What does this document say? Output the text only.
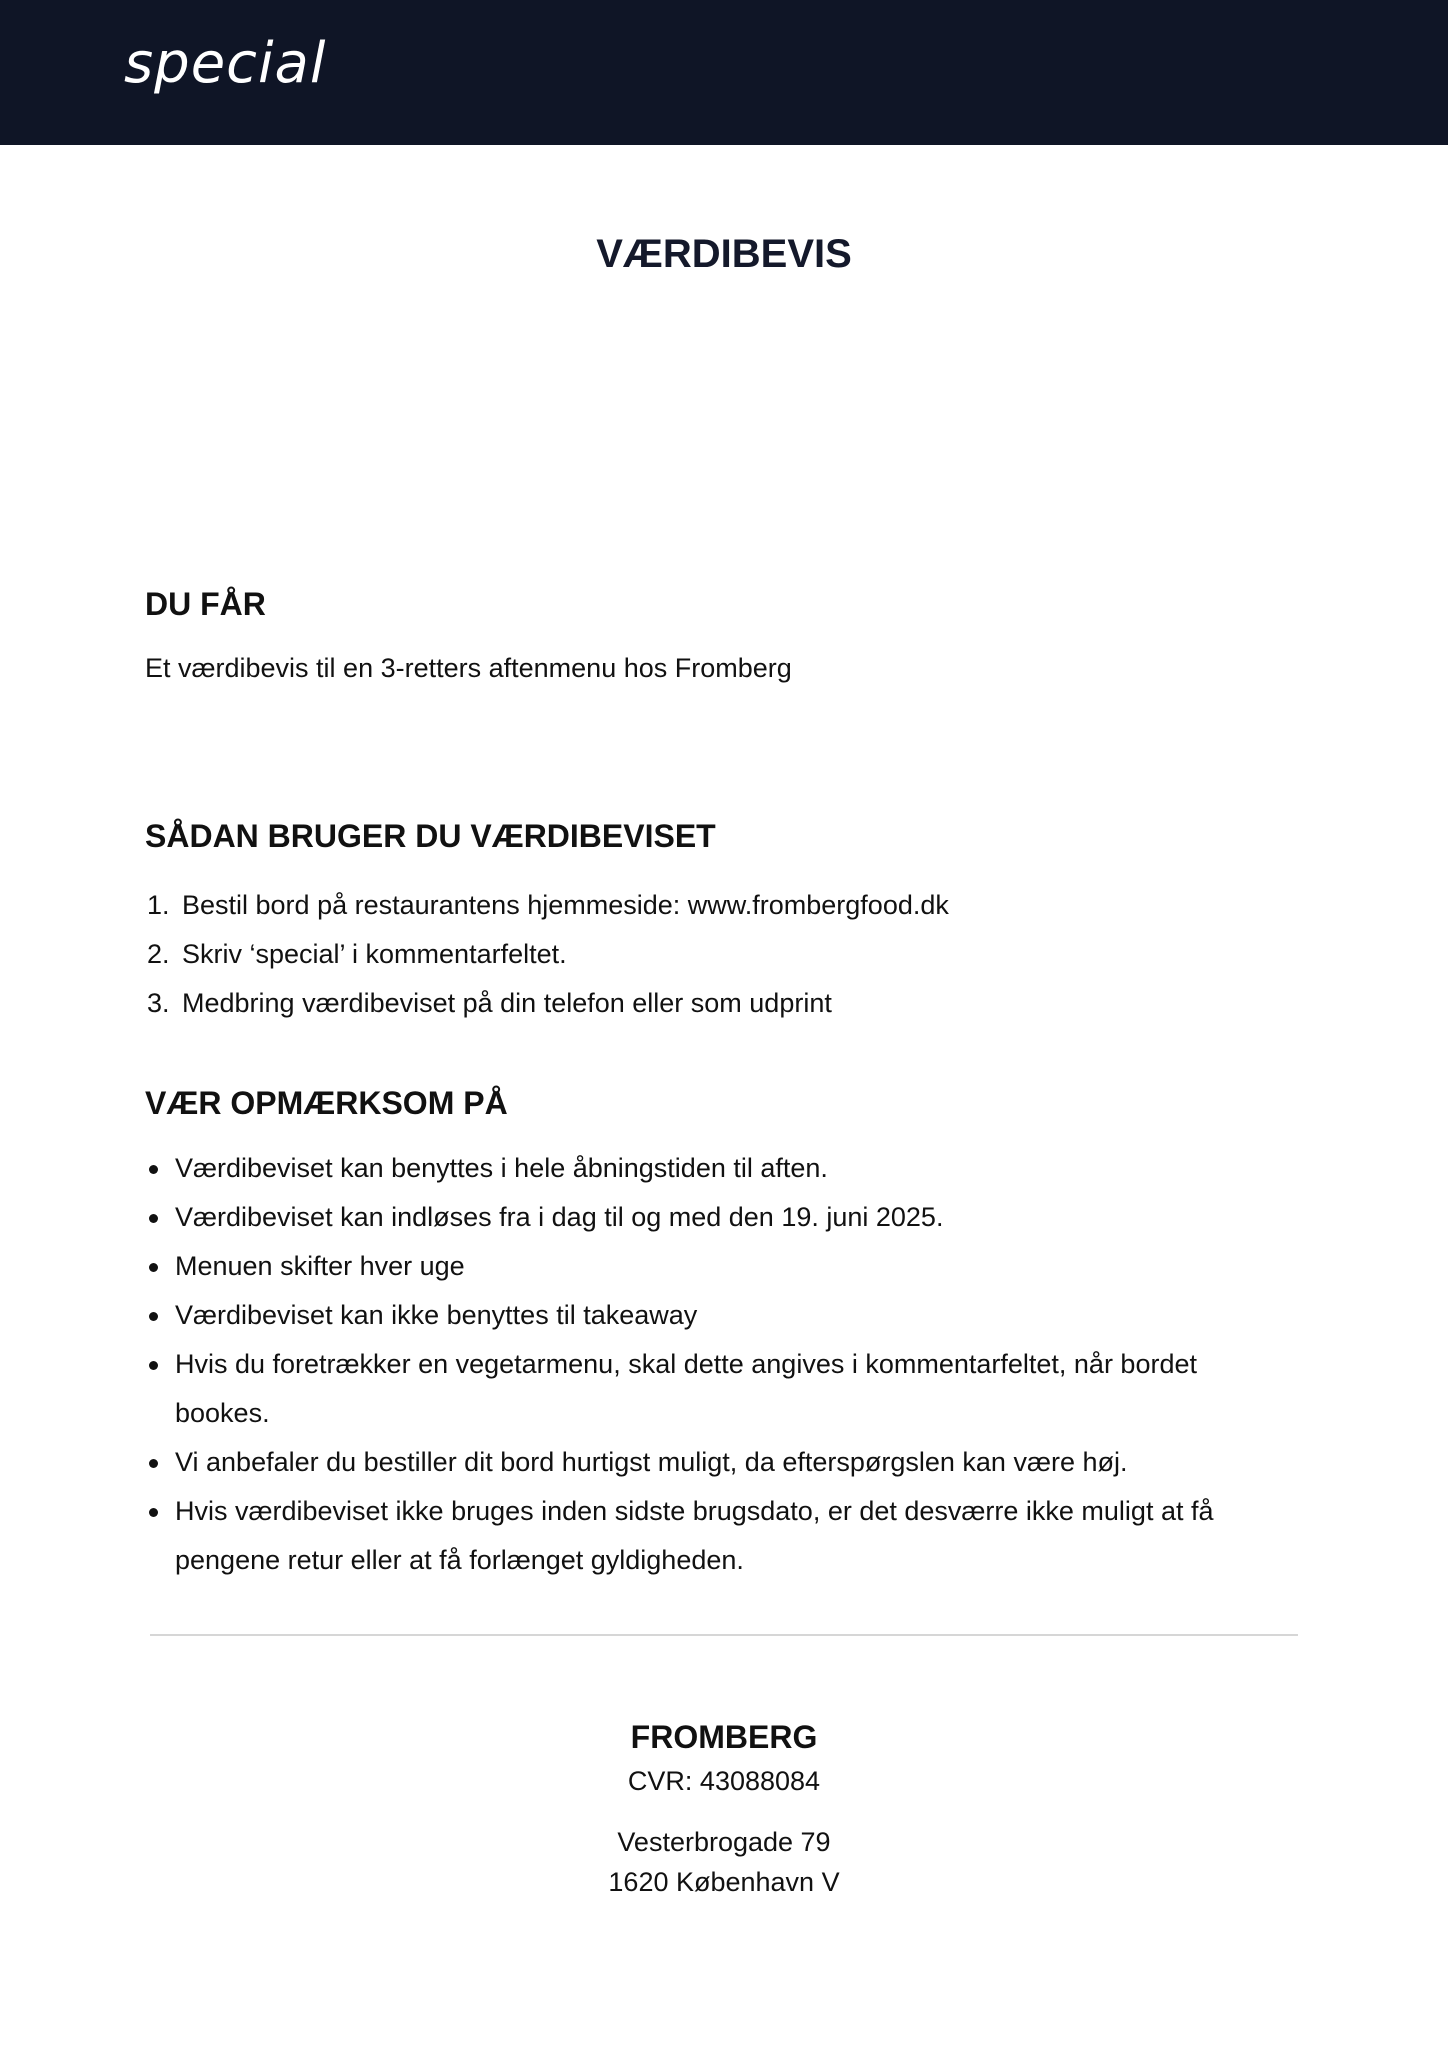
special
VÆRDIBEVIS
DU FÅR

Et værdibevis til en 3-retters aftenmenu hos Fromberg

SÅDAN BRUGER DU VÆRDIBEVISET
1. Bestil bord på restaurantens hjemmeside: www.frombergfood.dk
2. Skriv ‘special’ i kommentarfeltet.
3. Medbring værdibeviset på din telefon eller som udprint
VÆR OPMÆRKSOM PÅ
Værdibeviset kan benyttes i hele åbningstiden til aften.
Værdibeviset kan indløses fra i dag til og med den 19. juni 2025.
Menuen skifter hver uge
Værdibeviset kan ikke benyttes til takeaway
Hvis du foretrækker en vegetarmenu, skal dette angives i kommentarfeltet, når bordet bookes.
Vi anbefaler du bestiller dit bord hurtigst muligt, da efterspørgslen kan være høj.
Hvis værdibeviset ikke bruges inden sidste brugsdato, er det desværre ikke muligt at få pengene retur eller at få forlænget gyldigheden.
FROMBERG
CVR: 43088084
Vesterbrogade 79
1620 København V
